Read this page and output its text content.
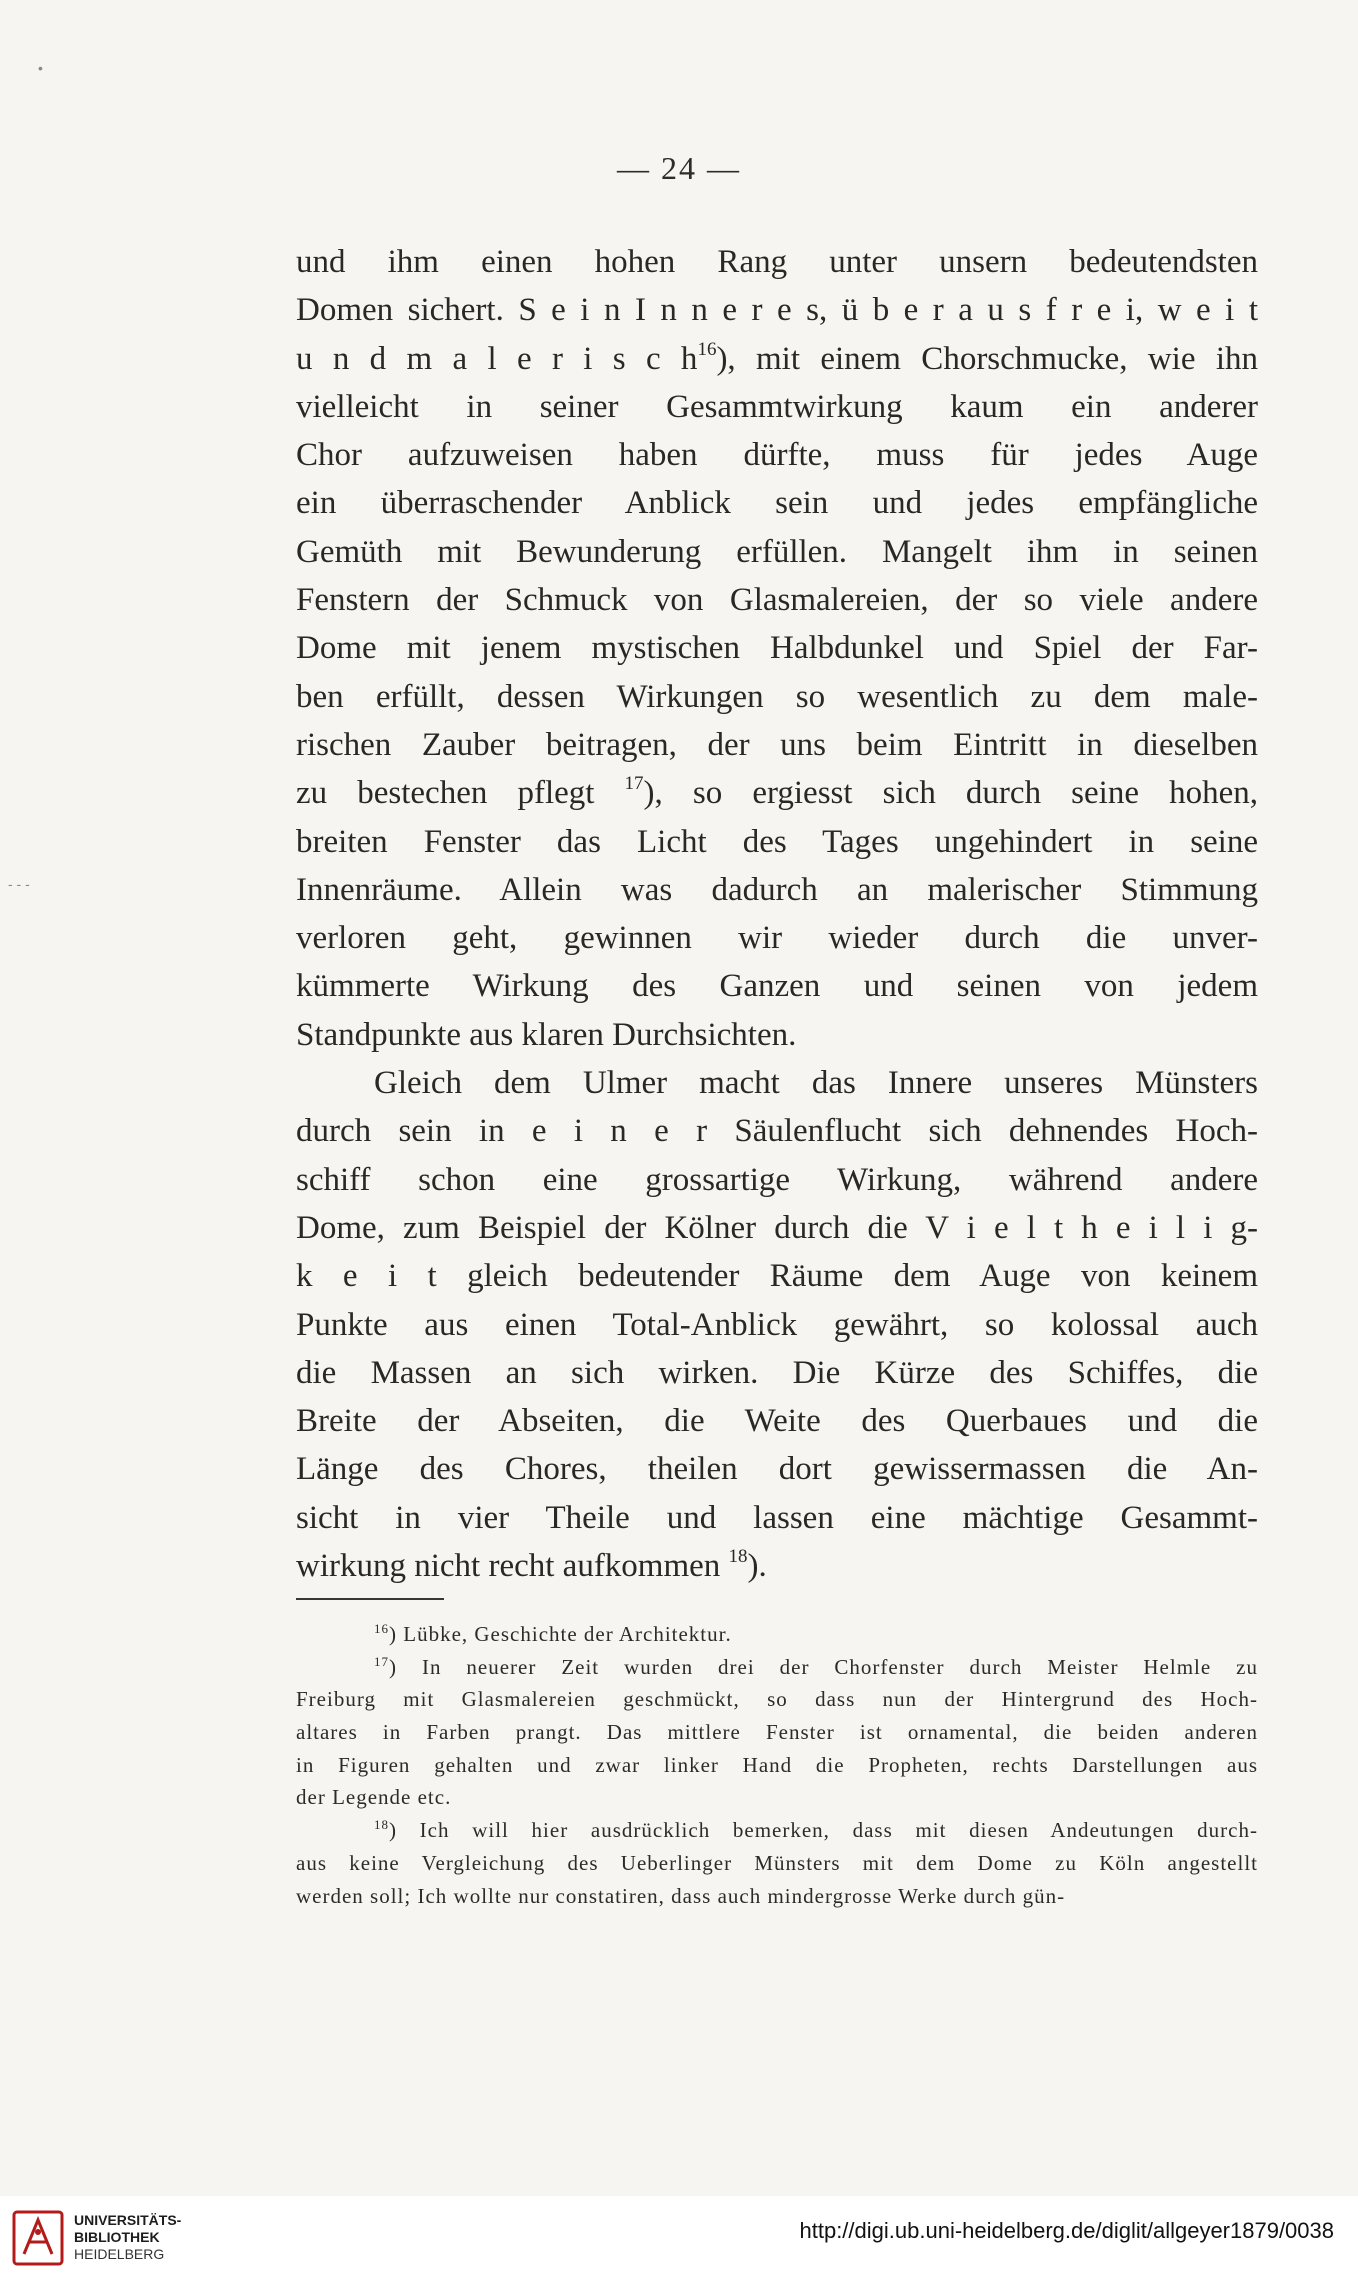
•
‐ ‐ ‐
— 24 —
und ihm einen hohen Rang unter unsern bedeutendsten
Domen sichert. S e i n I n n e r e s, ü b e r a u s f r e i, w e i t
u n d m a l e r i s c $h^{16}$), mit einem Chorschmucke, wie ihn
vielleicht in seiner Gesammtwirkung kaum ein anderer
Chor aufzuweisen haben dürfte, muss für jedes Auge
ein überraschender Anblick sein und jedes empfängliche
Gemüth mit Bewunderung erfüllen. Mangelt ihm in seinen
Fenstern der Schmuck von Glasmalereien, der so viele andere
Dome mit jenem mystischen Halbdunkel und Spiel der Far-
ben erfüllt, dessen Wirkungen so wesentlich zu dem male-
rischen Zauber beitragen, der uns beim Eintritt in dieselben
zu bestechen pflegt $^{17}$), so ergiesst sich durch seine hohen,
breiten Fenster das Licht des Tages ungehindert in seine
Innenräume. Allein was dadurch an malerischer Stimmung
verloren geht, gewinnen wir wieder durch die unver-
kümmerte Wirkung des Ganzen und seinen von jedem
Standpunkte aus klaren Durchsichten.
Gleich dem Ulmer macht das Innere unseres Münsters
durch sein in e i n e r Säulenflucht sich dehnendes Hoch-
schiff schon eine grossartige Wirkung, während andere
Dome, zum Beispiel der Kölner durch die V i e l t h e i l i g-
k e i t gleich bedeutender Räume dem Auge von keinem
Punkte aus einen Total-Anblick gewährt, so kolossal auch
die Massen an sich wirken. Die Kürze des Schiffes, die
Breite der Abseiten, die Weite des Querbaues und die
Länge des Chores, theilen dort gewissermassen die An-
sicht in vier Theile und lassen eine mächtige Gesammt-
wirkung nicht recht aufkommen $^{18}$).
$^{16}$) Lübke, Geschichte der Architektur.
$^{17}$) In neuerer Zeit wurden drei der Chorfenster durch Meister Helmle zu
Freiburg mit Glasmalereien geschmückt, so dass nun der Hintergrund des Hoch-
altares in Farben prangt. Das mittlere Fenster ist ornamental, die beiden anderen
in Figuren gehalten und zwar linker Hand die Propheten, rechts Darstellungen aus
der Legende etc.
$^{18}$) Ich will hier ausdrücklich bemerken, dass mit diesen Andeutungen durch-
aus keine Vergleichung des Ueberlinger Münsters mit dem Dome zu Köln angestellt
werden soll; Ich wollte nur constatiren, dass auch mindergrosse Werke durch gün-
UNIVERSITÄTS-
BIBLIOTHEK
HEIDELBERG
http://digi.ub.uni-heidelberg.de/diglit/allgeyer1879/0038
